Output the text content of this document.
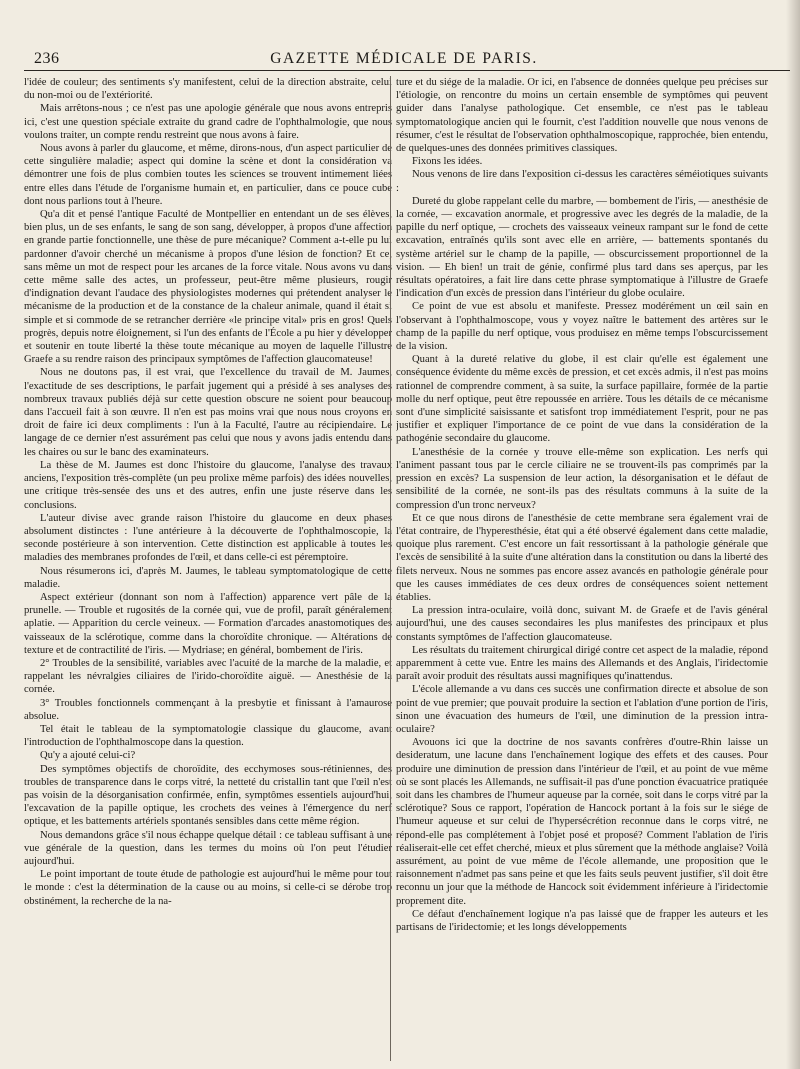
236	GAZETTE MÉDICALE DE PARIS.

l'idée de couleur; des sentiments s'y manifestent, celui de la direction abstraite, celui du non-moi ou de l'extériorité.

Mais arrêtons-nous ; ce n'est pas une apologie générale que nous avons entrepris ici, c'est une question spéciale extraite du grand cadre de l'ophthalmologie, que nous voulons traiter, un compte rendu restreint que nous avons à faire.

Nous avons à parler du glaucome, et même, dirons-nous, d'un aspect particulier de cette singulière maladie; aspect qui domine la scène et dont la considération va démontrer une fois de plus combien toutes les sciences se trouvent intimement liées entre elles dans l'étude de l'organisme humain et, en particulier, dans ce pouce cube dont nous parlions tout à l'heure.

Qu'a dit et pensé l'antique Faculté de Montpellier en entendant un de ses élèves, bien plus, un de ses enfants, le sang de son sang, développer, à propos d'une affection en grande partie fonctionnelle, une thèse de pure mécanique? Comment a-t-elle pu lui pardonner d'avoir cherché un mécanisme à propos d'une lésion de fonction? Et ce, sans même un mot de respect pour les arcanes de la force vitale. Nous avons vu dans cette même salle des actes, un professeur, peut-être même plusieurs, rougir d'indignation devant l'audace des physiologistes modernes qui prétendent analyser le mécanisme de la production et de la constance de la chaleur animale, quand il était si simple et si commode de se retrancher derrière «le principe vital» pris en gros! Quels progrès, depuis notre éloignement, si l'un des enfants de l'École a pu hier y développer et soutenir en toute liberté la thèse toute mécanique au moyen de laquelle l'illustre Graefe a su rendre raison des principaux symptômes de l'affection glaucomateuse!

Nous ne doutons pas, il est vrai, que l'excellence du travail de M. Jaumes, l'exactitude de ses descriptions, le parfait jugement qui a présidé à ses analyses des nombreux travaux publiés déjà sur cette question obscure ne soient pour beaucoup dans l'accueil fait à son œuvre. Il n'en est pas moins vrai que nous nous croyons en droit de faire ici deux compliments : l'un à la Faculté, l'autre au récipiendaire. Le langage de ce dernier n'est assurément pas celui que nous y avons jadis entendu dans les chaires ou sur le banc des examinateurs.

La thèse de M. Jaumes est donc l'histoire du glaucome, l'analyse des travaux anciens, l'exposition très-complète (un peu prolixe même parfois) des idées nouvelles, une critique très-sensée des uns et des autres, enfin une juste réserve dans les conclusions.

L'auteur divise avec grande raison l'histoire du glaucome en deux phases absolument distinctes : l'une antérieure à la découverte de l'ophthalmoscopie, la seconde postérieure à son intervention. Cette distinction est applicable à toutes les maladies des membranes profondes de l'œil, et dans celle-ci est péremptoire.

Nous résumerons ici, d'après M. Jaumes, le tableau symptomatologique de cette maladie.

Aspect extérieur (donnant son nom à l'affection) apparence vert pâle de la prunelle. — Trouble et rugosités de la cornée qui, vue de profil, paraît généralement aplatie. — Apparition du cercle veineux. — Formation d'arcades anastomotiques des vaisseaux de la sclérotique, comme dans la choroïdite chronique. — Altérations de texture et de contractilité de l'iris. — Mydriase; en général, bombement de l'iris.

2° Troubles de la sensibilité, variables avec l'acuité de la marche de la maladie, et rappelant les névralgies ciliaires de l'irido-choroïdite aiguë. — Anesthésie de la cornée.

3° Troubles fonctionnels commençant à la presbytie et finissant à l'amaurose absolue.

Tel était le tableau de la symptomatologie classique du glaucome, avant l'introduction de l'ophthalmoscope dans la question.

Qu'y a ajouté celui-ci?

Des symptômes objectifs de choroïdite, des ecchymoses sous-rétiniennes, des troubles de transparence dans le corps vitré, la netteté du cristallin tant que l'œil n'est pas voisin de la désorganisation confirmée, enfin, symptômes essentiels aujourd'hui, l'excavation de la papille optique, les crochets des veines à l'émergence du nerf optique, et les battements artériels spontanés sensibles dans cette même région.

Nous demandons grâce s'il nous échappe quelque détail : ce tableau suffisant à une vue générale de la question, dans les termes du moins où l'on peut l'étudier aujourd'hui.

Le point important de toute étude de pathologie est aujourd'hui le même pour tout le monde : c'est la détermination de la cause ou au moins, si celle-ci se dérobe trop obstinément, la recherche de la na-

ture et du siége de la maladie. Or ici, en l'absence de données quelque peu précises sur l'étiologie, on rencontre du moins un certain ensemble de symptômes qui peuvent guider dans l'analyse pathologique. Cet ensemble, ce n'est pas le tableau symptomatologique ancien qui le fournit, c'est l'addition nouvelle que nous venons de résumer, c'est le résultat de l'observation ophthalmoscopique, rapprochée, bien entendu, de quelques-unes des données primitives classiques.

Fixons les idées.

Nous venons de lire dans l'exposition ci-dessus les caractères séméiotiques suivants :

Dureté du globe rappelant celle du marbre, — bombement de l'iris, — anesthésie de la cornée, — excavation anormale, et progressive avec les degrés de la maladie, de la papille du nerf optique, — crochets des vaisseaux veineux rampant sur le fond de cette excavation, entraînés qu'ils sont avec elle en arrière, — battements spontanés du système artériel sur le champ de la papille, — obscurcissement proportionnel de la vision. — Eh bien! un trait de génie, confirmé plus tard dans ses aperçus, par les résultats opératoires, a fait lire dans cette phrase symptomatique à l'illustre de Graefe l'indication d'un excès de pression dans l'intérieur du globe oculaire.

Ce point de vue est absolu et manifeste. Pressez modérément un œil sain en l'observant à l'ophthalmoscope, vous y voyez naître le battement des artères sur le champ de la papille du nerf optique, vous produisez en même temps l'obscurcissement de la vision.

Quant à la dureté relative du globe, il est clair qu'elle est également une conséquence évidente du même excès de pression, et cet excès admis, il n'est pas moins rationnel de comprendre comment, à sa suite, la surface papillaire, formée de la partie molle du nerf optique, peut être repoussée en arrière. Tous les détails de ce mécanisme sont d'une simplicité saisissante et satisfont trop immédiatement l'esprit, pour ne pas justifier et expliquer l'importance de ce point de vue dans la considération de la pathogénie secondaire du glaucome.

L'anesthésie de la cornée y trouve elle-même son explication. Les nerfs qui l'animent passant tous par le cercle ciliaire ne se trouvent-ils pas comprimés par la pression en excès? La suspension de leur action, la désorganisation et le défaut de sensibilité de la cornée, ne sont-ils pas des résultats communs à la suite de la compression d'un tronc nerveux?

Et ce que nous dirons de l'anesthésie de cette membrane sera également vrai de l'état contraire, de l'hyperesthésie, état qui a été observé également dans cette maladie, quoique plus rarement. C'est encore un fait ressortissant à la pathologie générale que l'excès de sensibilité à la suite d'une altération dans la constitution ou dans la liberté des filets nerveux. Nous ne sommes pas encore assez avancés en pathologie générale pour que les causes immédiates de ces deux ordres de conséquences soient nettement établies.

La pression intra-oculaire, voilà donc, suivant M. de Graefe et de l'avis général aujourd'hui, une des causes secondaires les plus manifestes des principaux et plus constants symptômes de l'affection glaucomateuse.

Les résultats du traitement chirurgical dirigé contre cet aspect de la maladie, répond apparemment à cette vue. Entre les mains des Allemands et des Anglais, l'iridectomie paraît avoir produit des résultats aussi magnifiques qu'inattendus.

L'école allemande a vu dans ces succès une confirmation directe et absolue de son point de vue premier; que pouvait produire la section et l'ablation d'une portion de l'iris, sinon une évacuation des humeurs de l'œil, une diminution de la pression intra-oculaire?

Avouons ici que la doctrine de nos savants confrères d'outre-Rhin laisse un desideratum, une lacune dans l'enchaînement logique des effets et des causes. Pour produire une diminution de pression dans l'intérieur de l'œil, et au point de vue même où se sont placés les Allemands, ne suffisait-il pas d'une ponction évacuatrice pratiquée soit dans les chambres de l'humeur aqueuse par la cornée, soit dans le corps vitré par la sclérotique? Sous ce rapport, l'opération de Hancock portant à la fois sur le siége de l'humeur aqueuse et sur celui de l'hypersécrétion reconnue dans le corps vitré, ne répond-elle pas complétement à l'objet posé et proposé? Comment l'ablation de l'iris réaliserait-elle cet effet cherché, mieux et plus sûrement que la méthode anglaise? Voilà assurément, au point de vue même de l'école allemande, une proposition que le raisonnement n'admet pas sans peine et que les faits seuls peuvent justifier, s'il doit être reconnu un jour que la méthode de Hancock soit évidemment inférieure à l'iridectomie proprement dite.

Ce défaut d'enchaînement logique n'a pas laissé que de frapper les auteurs et les partisans de l'iridectomie; et les longs développements
